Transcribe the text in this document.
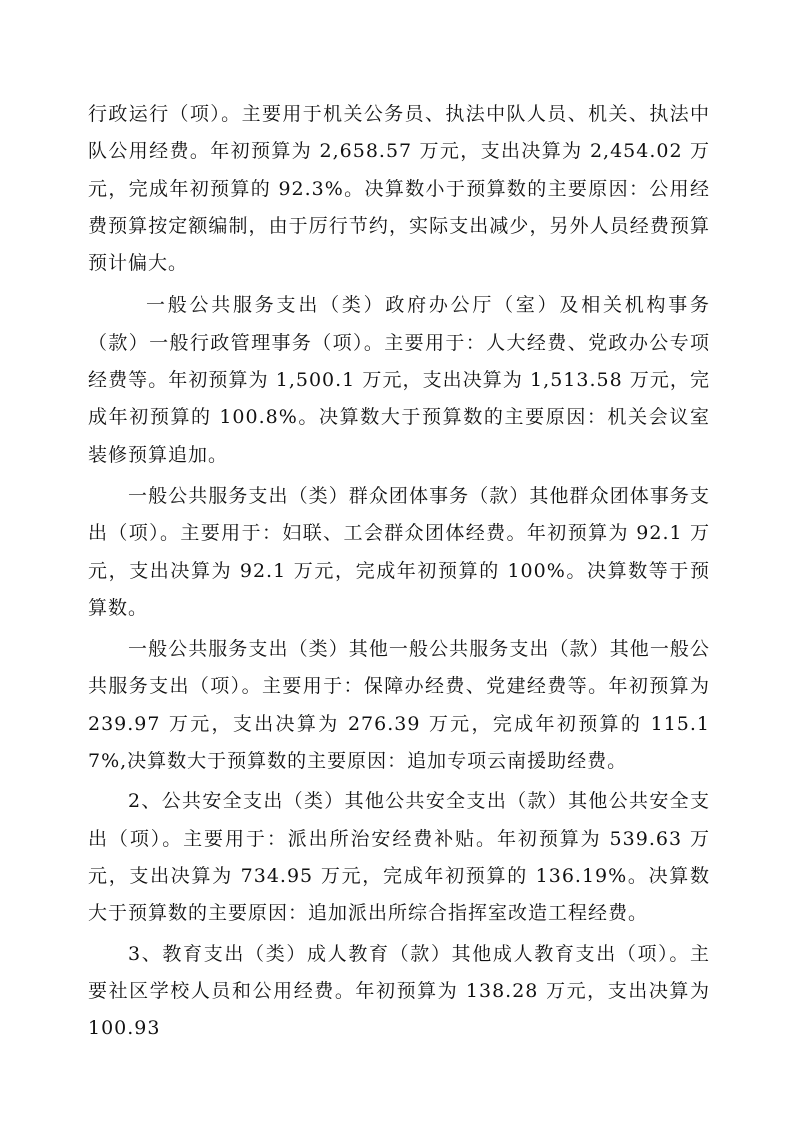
行政运行（项）。主要用于机关公务员、执法中队人员、机关、执法中队公用经费。年初预算为 2,658.57 万元，支出决算为 2,454.02 万元，完成年初预算的 92.3%。决算数小于预算数的主要原因：公用经费预算按定额编制，由于厉行节约，实际支出减少，另外人员经费预算预计偏大。

一般公共服务支出（类）政府办公厅（室）及相关机构事务（款）一般行政管理事务（项）。主要用于：人大经费、党政办公专项经费等。年初预算为 1,500.1 万元，支出决算为 1,513.58 万元，完成年初预算的 100.8%。决算数大于预算数的主要原因：机关会议室装修预算追加。

一般公共服务支出（类）群众团体事务（款）其他群众团体事务支出（项）。主要用于：妇联、工会群众团体经费。年初预算为 92.1 万元，支出决算为 92.1 万元，完成年初预算的 100%。决算数等于预算数。

一般公共服务支出（类）其他一般公共服务支出（款）其他一般公共服务支出（项）。主要用于：保障办经费、党建经费等。年初预算为 239.97 万元，支出决算为 276.39 万元，完成年初预算的 115.17%,决算数大于预算数的主要原因：追加专项云南援助经费。

2、公共安全支出（类）其他公共安全支出（款）其他公共安全支出（项）。主要用于：派出所治安经费补贴。年初预算为 539.63 万元，支出决算为 734.95 万元，完成年初预算的 136.19%。决算数大于预算数的主要原因：追加派出所综合指挥室改造工程经费。

3、教育支出（类）成人教育（款）其他成人教育支出（项）。主要社区学校人员和公用经费。年初预算为 138.28 万元，支出决算为 100.93
